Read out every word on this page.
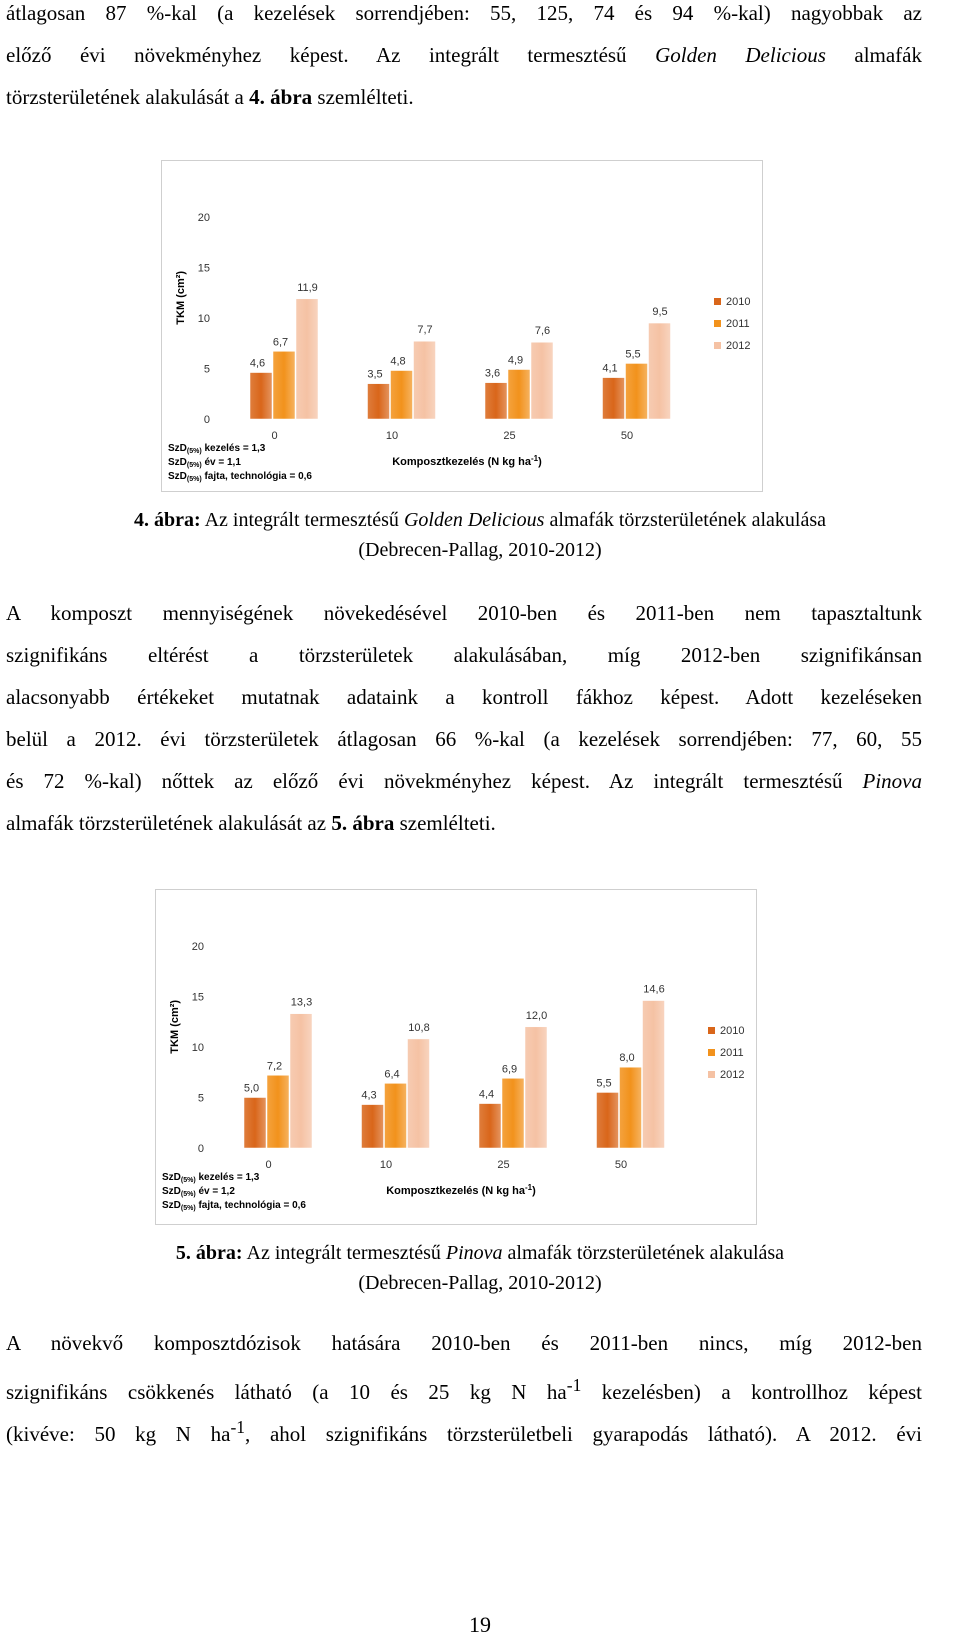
átlagosan 87 %-kal (a kezelések sorrendjében: 55, 125, 74 és 94 %-kal) nagyobbak az
előző évi növekményhez képest. Az integrált termesztésű Golden Delicious almafák
törzsterületének alakulását a 4. ábra szemlélteti.
0
5
10
15
20
TKM (cm²)
4,6
6,7
11,9
0
3,5
4,8
7,7
10
3,6
4,9
7,6
25
4,1
5,5
9,5
50
Komposztkezelés (N kg $ha^{-1}$)
SzD$_{(5\%)}$ kezelés = 1,3
SzD$_{(5\%)}$ év = 1,1
SzD$_{(5\%)}$ fajta, technológia = 0,6
2010
2011
2012
4. ábra: Az integrált termesztésű Golden Delicious almafák törzsterületének alakulása
(Debrecen-Pallag, 2010-2012)
A komposzt mennyiségének növekedésével 2010-ben és 2011-ben nem tapasztaltunk
szignifikáns eltérést a törzsterületek alakulásában, míg 2012-ben szignifikánsan
alacsonyabb értékeket mutatnak adataink a kontroll fákhoz képest. Adott kezeléseken
belül a 2012. évi törzsterületek átlagosan 66 %-kal (a kezelések sorrendjében: 77, 60, 55
és 72 %-kal) nőttek az előző évi növekményhez képest. Az integrált termesztésű Pinova
almafák törzsterületének alakulását az 5. ábra szemlélteti.
0
5
10
15
20
TKM (cm²)
5,0
7,2
13,3
0
4,3
6,4
10,8
10
4,4
6,9
12,0
25
5,5
8,0
14,6
50
Komposztkezelés (N kg $ha^{-1}$)
SzD$_{(5\%)}$ kezelés = 1,3
SzD$_{(5\%)}$ év = 1,2
SzD$_{(5\%)}$ fajta, technológia = 0,6
2010
2011
2012
5. ábra: Az integrált termesztésű Pinova almafák törzsterületének alakulása
(Debrecen-Pallag, 2010-2012)
A növekvő komposztdózisok hatására 2010-ben és 2011-ben nincs, míg 2012-ben
szignifikáns csökkenés látható (a 10 és 25 kg N $ha^{-1}$ kezelésben) a kontrollhoz képest
(kivéve: 50 kg N $ha^{-1}$, ahol szignifikáns törzsterületbeli gyarapodás látható). A 2012. évi
19
